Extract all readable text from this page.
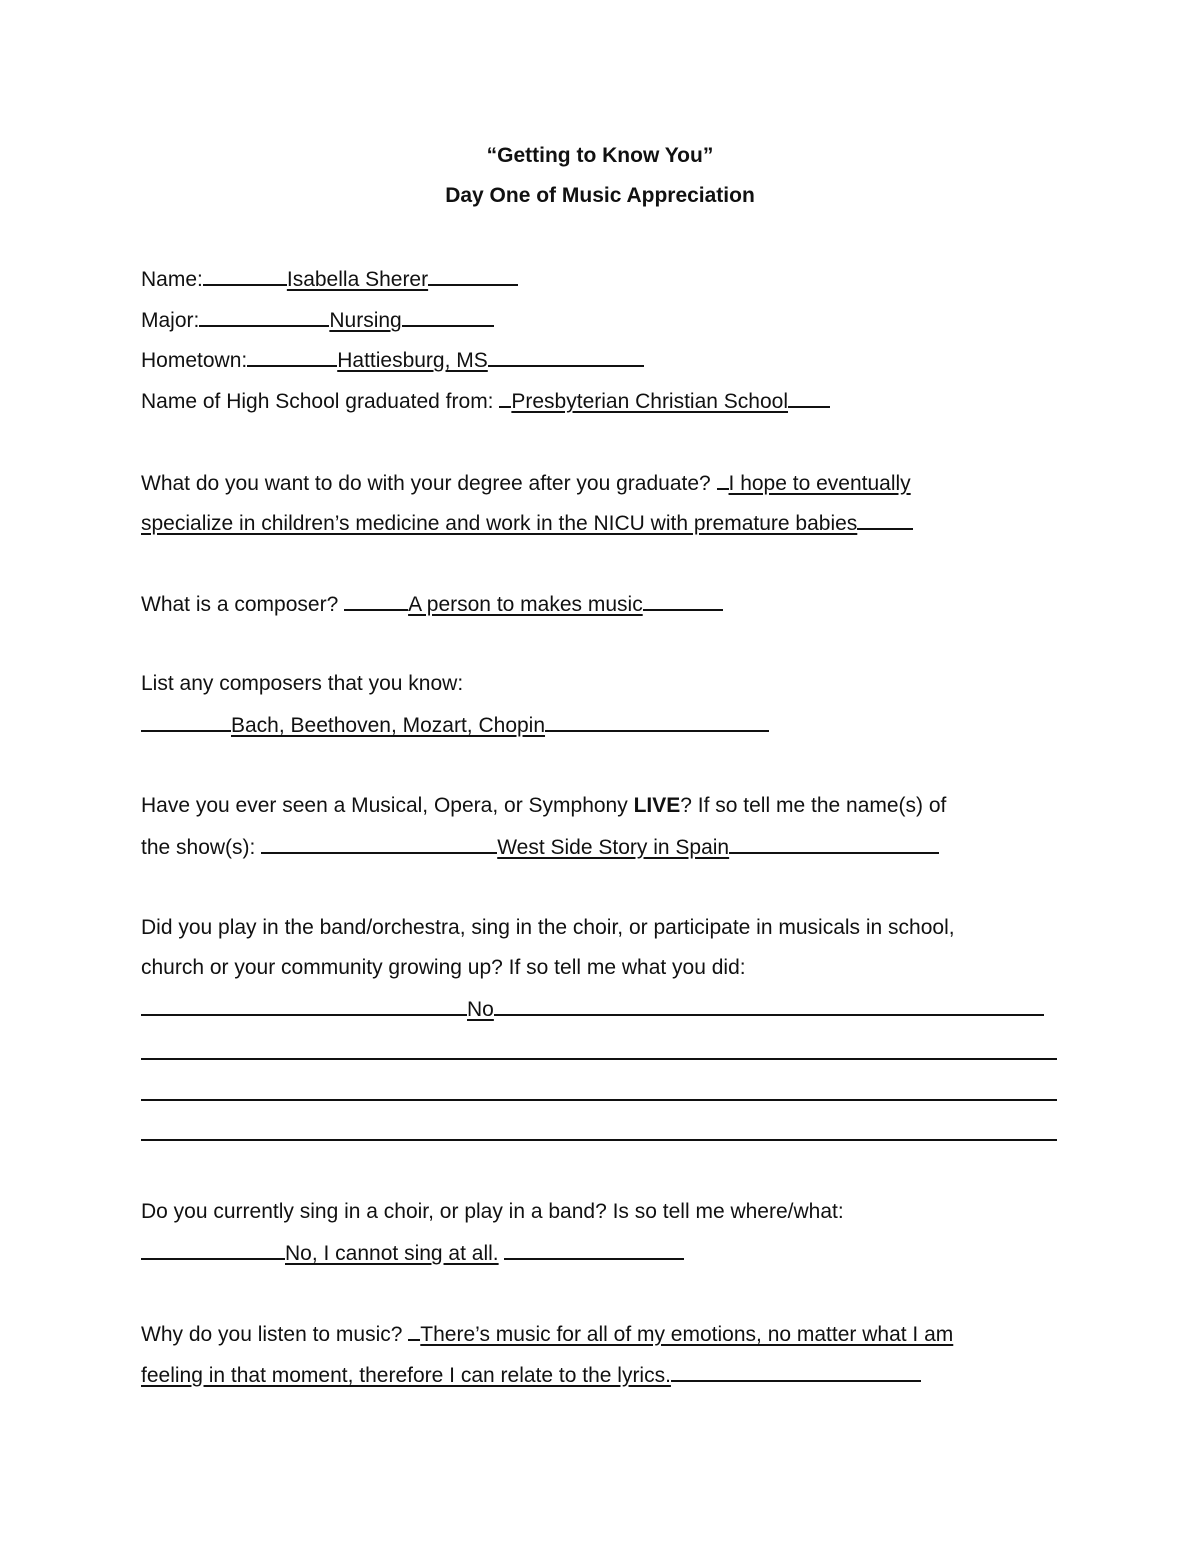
“Getting to Know You”
Day One of Music Appreciation
Name:	Isabella Sherer
Major:	Nursing
Hometown:	Hattiesburg, MS
Name of High School graduated from: Presbyterian Christian School
What do you want to do with your degree after you graduate? I hope to eventually
specialize in children’s medicine and work in the NICU with premature babies
What is a composer?	A person to makes music
List any composers that you know:
Bach, Beethoven, Mozart, Chopin
Have you ever seen a Musical, Opera, or Symphony LIVE? If so tell me the name(s) of
the show(s):	West Side Story in Spain
Did you play in the band/orchestra, sing in the choir, or participate in musicals in school,
church or your community growing up? If so tell me what you did:
No
Do you currently sing in a choir, or play in a band? Is so tell me where/what:
No, I cannot sing at all.
Why do you listen to music? There’s music for all of my emotions, no matter what I am
feeling in that moment, therefore I can relate to the lyrics.
